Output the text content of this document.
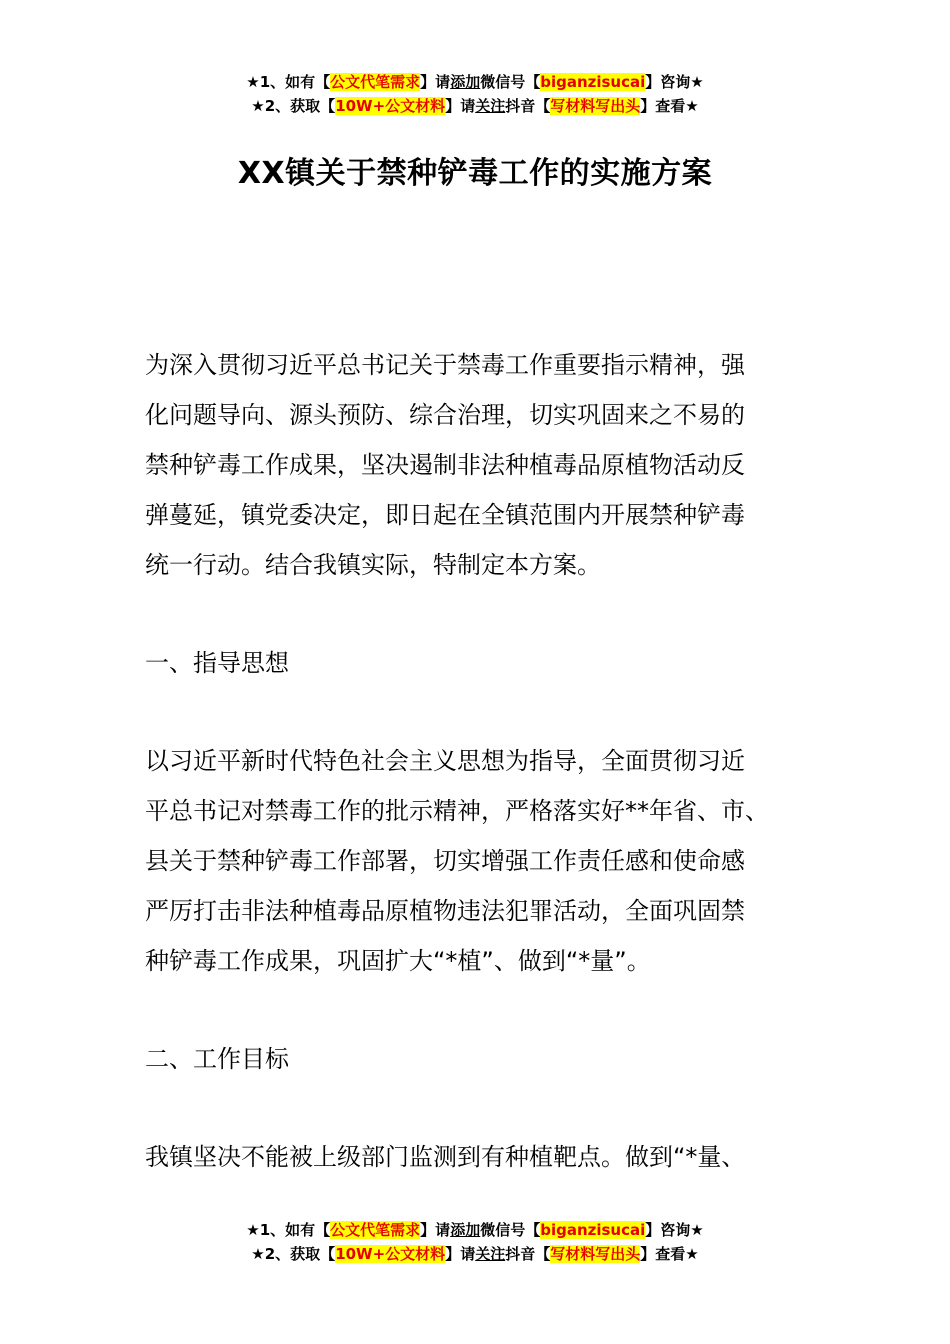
★1、如有【公文代笔需求】请添加微信号【biganzisucai】咨询★
★2、获取【10W+公文材料】请关注抖音【写材料写出头】查看★
XX镇关于禁种铲毒工作的实施方案
为深入贯彻习近平总书记关于禁毒工作重要指示精神，强
化问题导向、源头预防、综合治理，切实巩固来之不易的
禁种铲毒工作成果，坚决遏制非法种植毒品原植物活动反
弹蔓延，镇党委决定，即日起在全镇范围内开展禁种铲毒
统一行动。结合我镇实际，特制定本方案。
一、指导思想
以习近平新时代特色社会主义思想为指导，全面贯彻习近
平总书记对禁毒工作的批示精神，严格落实好**年省、市、
县关于禁种铲毒工作部署，切实增强工作责任感和使命感
严厉打击非法种植毒品原植物违法犯罪活动，全面巩固禁
种铲毒工作成果，巩固扩大“*植”、做到“*量”。
二、工作目标
我镇坚决不能被上级部门监测到有种植靶点。做到“*量、
★1、如有【公文代笔需求】请添加微信号【biganzisucai】咨询★
★2、获取【10W+公文材料】请关注抖音【写材料写出头】查看★
